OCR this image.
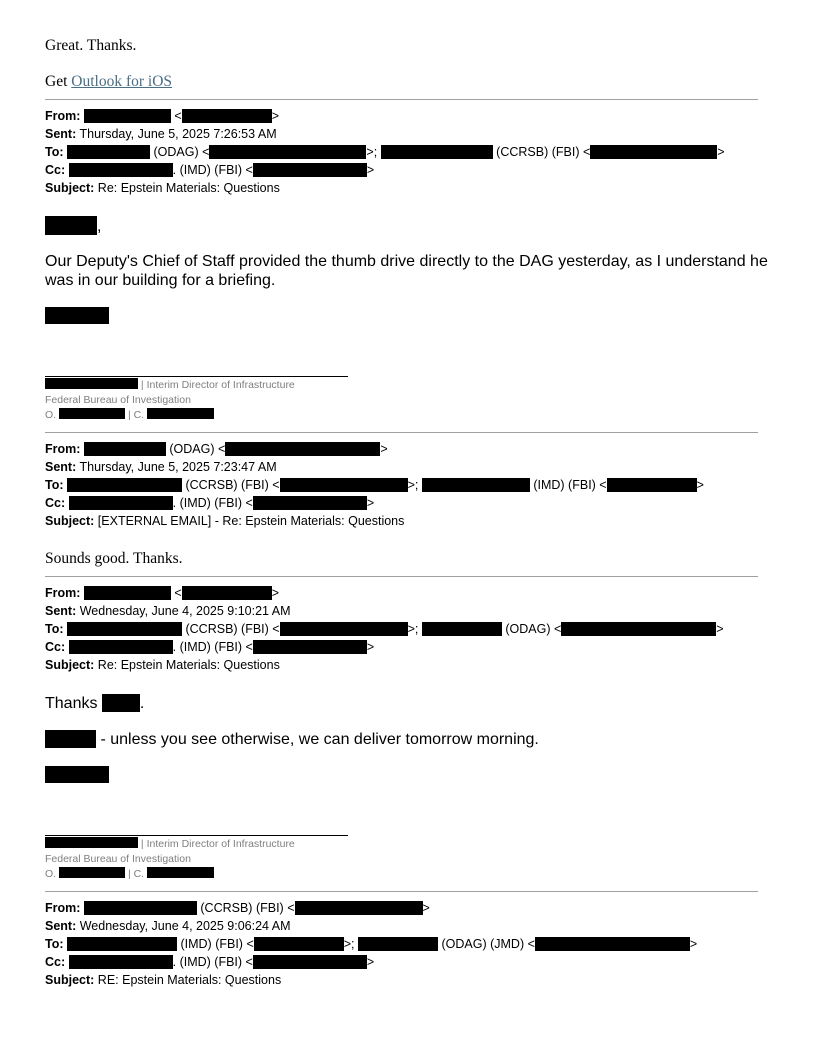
Great. Thanks.
Get Outlook for iOS
From:	<	>
Sent: Thursday, June 5, 2025 7:26:53 AM
To:	(ODAG) <	>;	(CCRSB) (FBI) <	>
Cc:	. (IMD) (FBI) <	>
Subject: Re: Epstein Materials: Questions
,
Our Deputy's Chief of Staff provided the thumb drive directly to the DAG yesterday, as I understand he was in our building for a briefing.
| Interim Director of Infrastructure
Federal Bureau of Investigation
O.	| C.
From:	(ODAG) <	>
Sent: Thursday, June 5, 2025 7:23:47 AM
To:	(CCRSB) (FBI) <	>;	(IMD) (FBI) <	>
Cc:	. (IMD) (FBI) <	>
Subject: [EXTERNAL EMAIL] - Re: Epstein Materials: Questions
Sounds good. Thanks.
From:	<	>
Sent: Wednesday, June 4, 2025 9:10:21 AM
To:	(CCRSB) (FBI) <	>;	(ODAG) <	>
Cc:	. (IMD) (FBI) <	>
Subject: Re: Epstein Materials: Questions
Thanks	.
- unless you see otherwise, we can deliver tomorrow morning.
| Interim Director of Infrastructure
Federal Bureau of Investigation
O.	| C.
From:	(CCRSB) (FBI) <	>
Sent: Wednesday, June 4, 2025 9:06:24 AM
To:	(IMD) (FBI) <	>;	(ODAG) (JMD) <	>
Cc:	. (IMD) (FBI) <	>
Subject: RE: Epstein Materials: Questions
